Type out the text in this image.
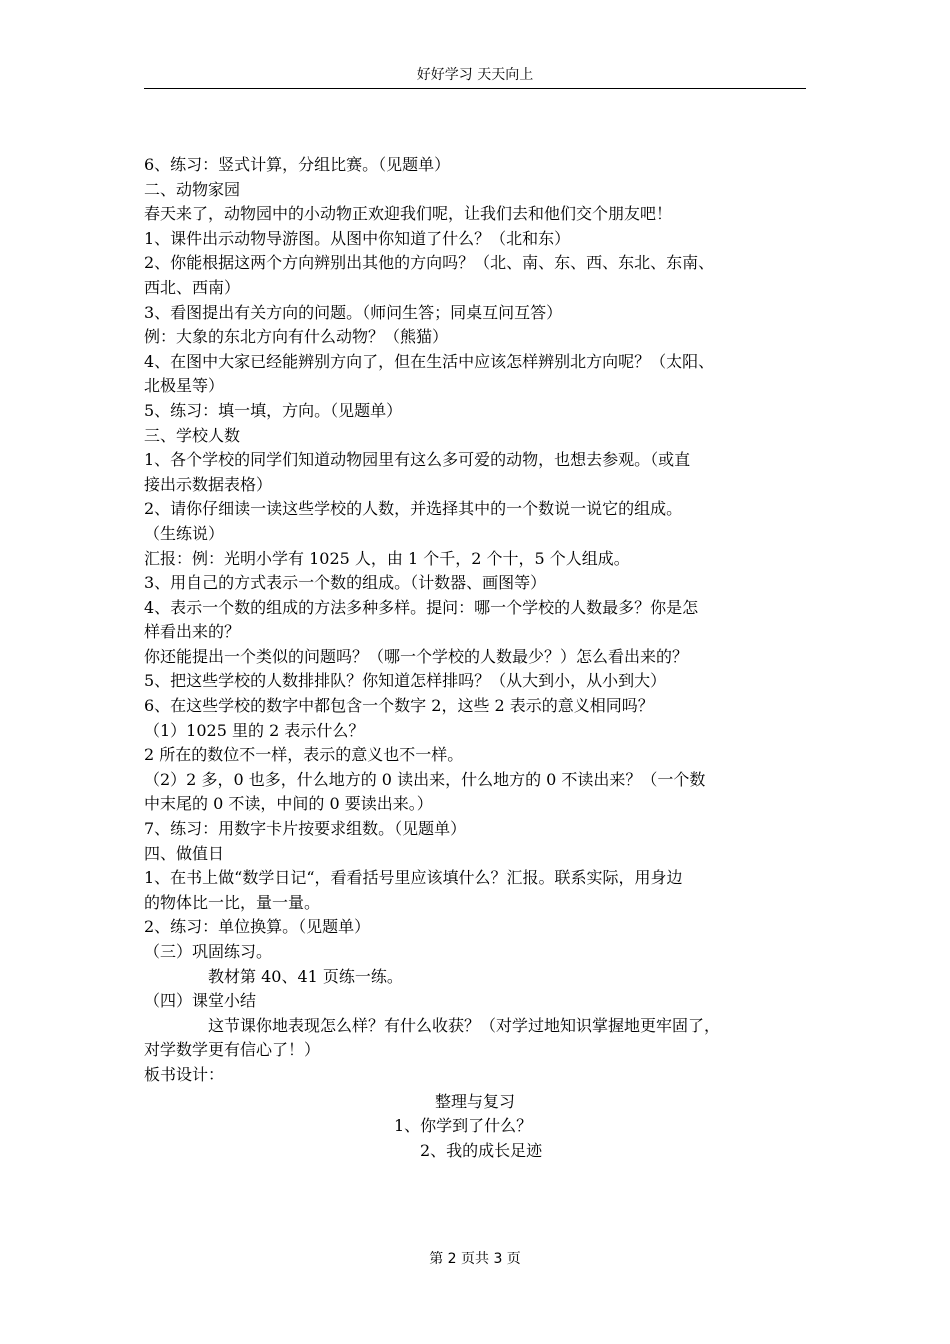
好好学习 天天向上
6、练习：竖式计算，分组比赛。（见题单）
二、动物家园
春天来了，动物园中的小动物正欢迎我们呢，让我们去和他们交个朋友吧！
1、课件出示动物导游图。从图中你知道了什么？（北和东）
2、你能根据这两个方向辨别出其他的方向吗？（北、南、东、西、东北、东南、
西北、西南）
3、看图提出有关方向的问题。（师问生答；同桌互问互答）
例：大象的东北方向有什么动物？（熊猫）
4、在图中大家已经能辨别方向了，但在生活中应该怎样辨别北方向呢？（太阳、
北极星等）
5、练习：填一填，方向。（见题单）
三、学校人数
1、各个学校的同学们知道动物园里有这么多可爱的动物，也想去参观。（或直
接出示数据表格）
2、请你仔细读一读这些学校的人数，并选择其中的一个数说一说它的组成。
（生练说）
汇报：例：光明小学有 1025 人，由 1 个千，2 个十，5 个人组成。
3、用自己的方式表示一个数的组成。（计数器、画图等）
4、表示一个数的组成的方法多种多样。提问：哪一个学校的人数最多？你是怎
样看出来的？
你还能提出一个类似的问题吗？（哪一个学校的人数最少？）怎么看出来的？
5、把这些学校的人数排排队？你知道怎样排吗？（从大到小，从小到大）
6、在这些学校的数字中都包含一个数字 2，这些 2 表示的意义相同吗？
（1）1025 里的 2 表示什么？
2 所在的数位不一样，表示的意义也不一样。
（2）2 多，0 也多，什么地方的 0 读出来，什么地方的 0 不读出来？（一个数
中末尾的 0 不读，中间的 0 要读出来。）
7、练习：用数字卡片按要求组数。（见题单）
四、做值日
1、在书上做“数学日记“，看看括号里应该填什么？汇报。联系实际，用身边
的物体比一比，量一量。
2、练习：单位换算。（见题单）
（三）巩固练习。
教材第 40、41 页练一练。
（四）课堂小结
这节课你地表现怎么样？有什么收获？（对学过地知识掌握地更牢固了，
对学数学更有信心了！）
板书设计：
整理与复习
1、你学到了什么？
2、我的成长足迹
第 2 页共 3 页
